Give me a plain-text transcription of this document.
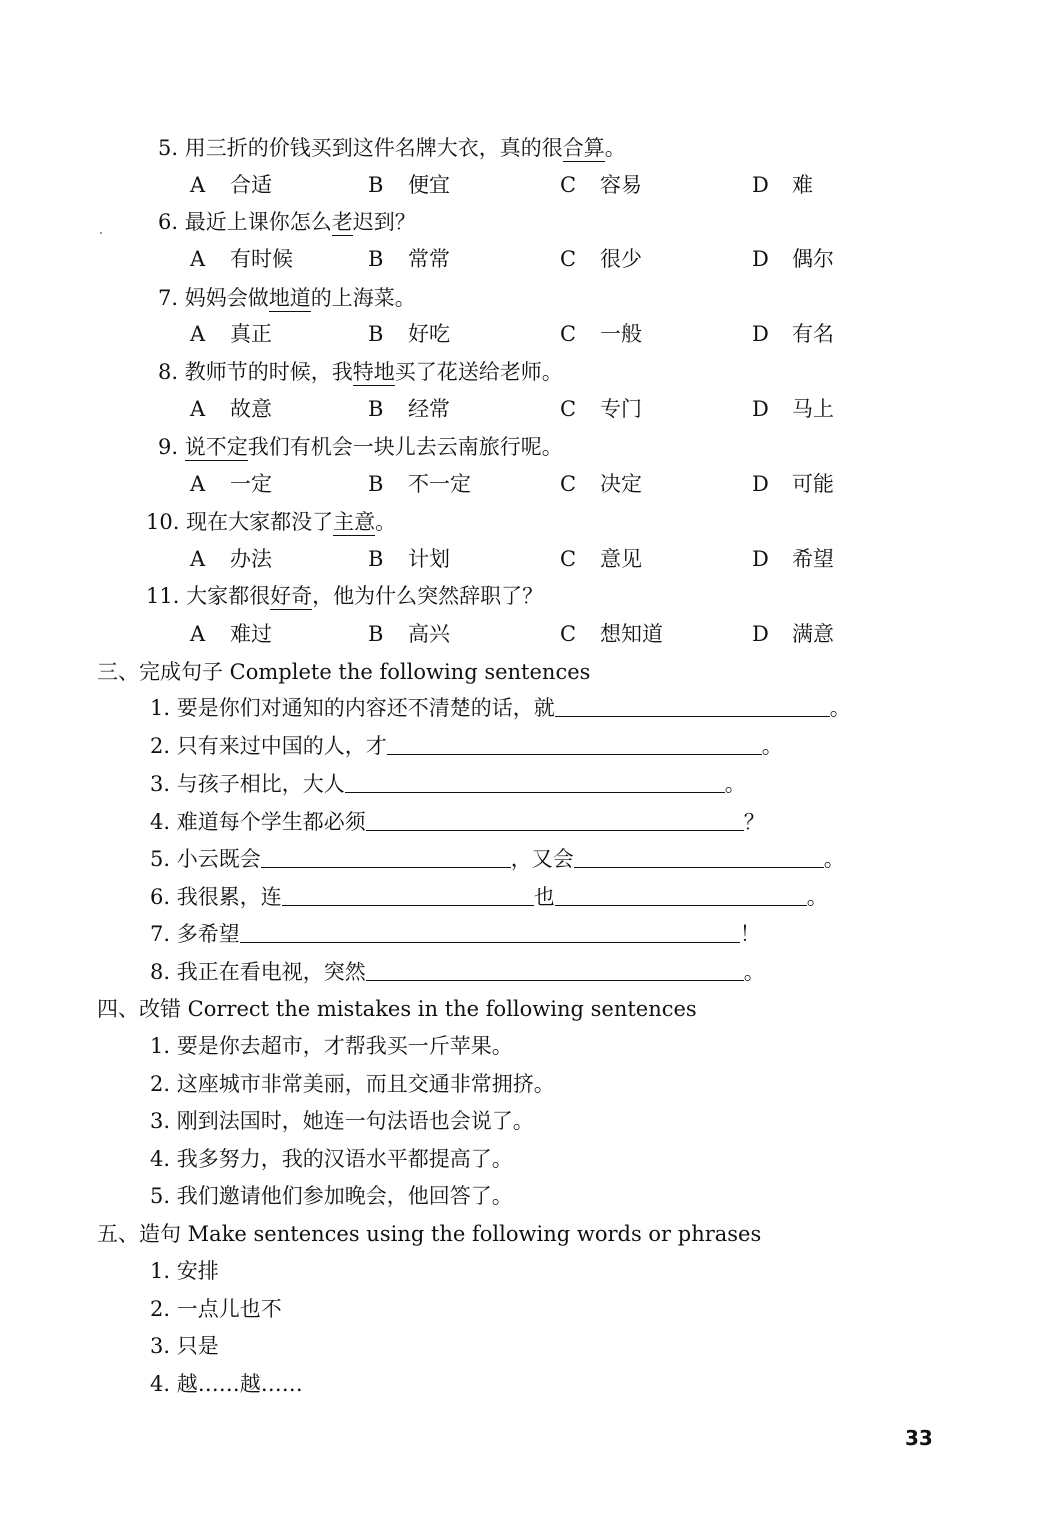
5. 用三折的价钱买到这件名牌大衣，真的很合算。
A 合适	B 便宜	C 容易	D 难
6. 最近上课你怎么老迟到？
A 有时候	B 常常	C 很少	D 偶尔
7. 妈妈会做地道的上海菜。
A 真正	B 好吃	C 一般	D 有名
8. 教师节的时候，我特地买了花送给老师。
A 故意	B 经常	C 专门	D 马上
9. 说不定我们有机会一块儿去云南旅行呢。
A 一定	B 不一定	C 决定	D 可能
10. 现在大家都没了主意。
A 办法	B 计划	C 意见	D 希望
11. 大家都很好奇，他为什么突然辞职了？
A 难过	B 高兴	C 想知道	D 满意
三、完成句子 Complete the following sentences
1. 要是你们对通知的内容还不清楚的话，就	。
2. 只有来过中国的人，才	。
3. 与孩子相比，大人	。
4. 难道每个学生都必须	？
5. 小云既会	，又会	。
6. 我很累，连	也	。
7. 多希望	！
8. 我正在看电视，突然	。
四、改错 Correct the mistakes in the following sentences
1. 要是你去超市，才帮我买一斤苹果。
2. 这座城市非常美丽，而且交通非常拥挤。
3. 刚到法国时，她连一句法语也会说了。
4. 我多努力，我的汉语水平都提高了。
5. 我们邀请他们参加晚会，他回答了。
五、造句 Make sentences using the following words or phrases
1. 安排
2. 一点儿也不
3. 只是
4. 越……越……
33
